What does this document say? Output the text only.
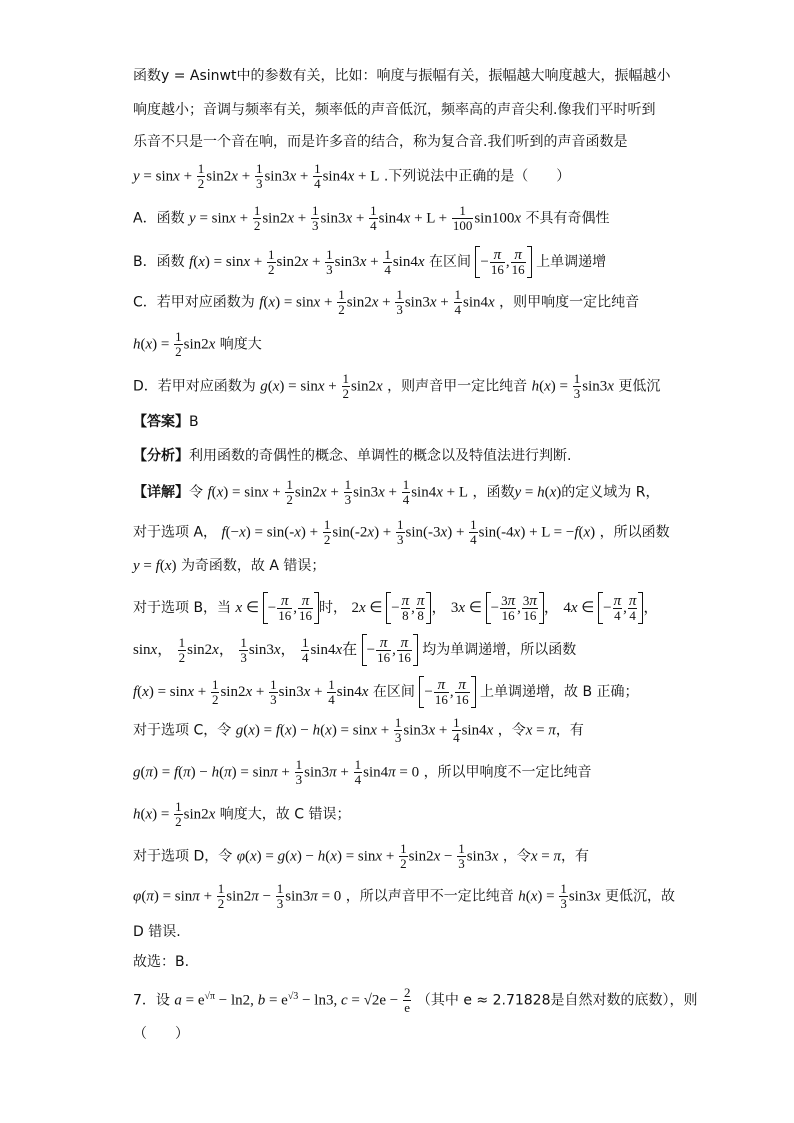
函数y = Asinwt中的参数有关，比如：响度与振幅有关，振幅越大响度越大，振幅越小
响度越小；音调与频率有关，频率低的声音低沉，频率高的声音尖利.像我们平时听到
乐音不只是一个音在响，而是许多音的结合，称为复合音.我们听到的声音函数是
$y = \sin x + \frac{1}{2} \sin 2x + \frac{1}{3} \sin 3x + \frac{1}{4} \sin 4x + L$ .下列说法中正确的是（　　）
A．函数 $y = \sin x + \frac{1}{2} \sin 2x + \frac{1}{3} \sin 3x + \frac{1}{4} \sin 4x + L + \frac{1}{100} \sin 100x$ 不具有奇偶性
B．函数 $f(x) = \sin x + \frac{1}{2} \sin 2x + \frac{1}{3} \sin 3x + \frac{1}{4} \sin 4x$ 在区间 − $\frac{\pi}{16}$ , $\frac{\pi}{16}$ 上单调递增
C．若甲对应函数为 $f(x) = \sin x + \frac{1}{2} \sin 2x + \frac{1}{3} \sin 3x + \frac{1}{4} \sin 4x$ ，则甲响度一定比纯音
$h(x) = \frac{1}{2} \sin 2x$ 响度大
D．若甲对应函数为 $g(x) = \sin x + \frac{1}{2} \sin 2x$ ，则声音甲一定比纯音 $h(x) = \frac{1}{3} \sin 3x$ 更低沉
【答案】B
【分析】利用函数的奇偶性的概念、单调性的概念以及特值法进行判断.
【详解】令 $f(x) = \sin x + \frac{1}{2} \sin 2x + \frac{1}{3} \sin 3x + \frac{1}{4} \sin 4x + L$ ，函数y = h(x)的定义域为 R，
对于选项 A， $f(-x) = \sin(-x) + \frac{1}{2} \sin(-2x) + \frac{1}{3} \sin(-3x) + \frac{1}{4} \sin(-4x) + L = -f(x)$ ，所以函数
y = f(x) 为奇函数，故 A 错误；
对于选项 B，当 x ∈ − $\frac{\pi}{16}$ , $\frac{\pi}{16}$ 时， 2x ∈ − $\frac{\pi}{8}$ , $\frac{\pi}{8}$ ， 3x ∈ − $\frac{3\pi}{16}$ , $\frac{3\pi}{16}$ ， 4x ∈ − $\frac{\pi}{4}$ , $\frac{\pi}{4}$ ，
sinx， $\frac{1}{2} \sin 2x$， $\frac{1}{3} \sin 3x$， $\frac{1}{4} \sin 4x$在 − $\frac{\pi}{16}$ , $\frac{\pi}{16}$ 均为单调递增，所以函数
$f(x) = \sin x + \frac{1}{2} \sin 2x + \frac{1}{3} \sin 3x + \frac{1}{4} \sin 4x$ 在区间 − $\frac{\pi}{16}$ , $\frac{\pi}{16}$ 上单调递增，故 B 正确；
对于选项 C，令 $g(x) = f(x) - h(x) = \sin x + \frac{1}{3} \sin 3x + \frac{1}{4} \sin 4x$ ，令x = π，有
$g(\pi) = f(\pi) - h(\pi) = \sin\pi + \frac{1}{3} \sin 3\pi + \frac{1}{4} \sin 4\pi = 0$ ，所以甲响度不一定比纯音
$h(x) = \frac{1}{2} \sin 2x$ 响度大，故 C 错误；
对于选项 D，令 $\varphi(x) = g(x) - h(x) = \sin x + \frac{1}{2} \sin 2x - \frac{1}{3} \sin 3x$ ，令x = π，有
$\varphi(\pi) = \sin\pi + \frac{1}{2} \sin 2\pi - \frac{1}{3} \sin 3\pi = 0$ ，所以声音甲不一定比纯音 $h(x) = \frac{1}{3} \sin 3x$ 更低沉，故
D 错误.
故选：B.
7．设 $a = e^{√\pi} - \ln 2$, $b = e^{√3} - \ln 3$, $c = √2e - \frac{2}{e}$ （其中 e ≈ 2.71828是自然对数的底数），则
（　　）
